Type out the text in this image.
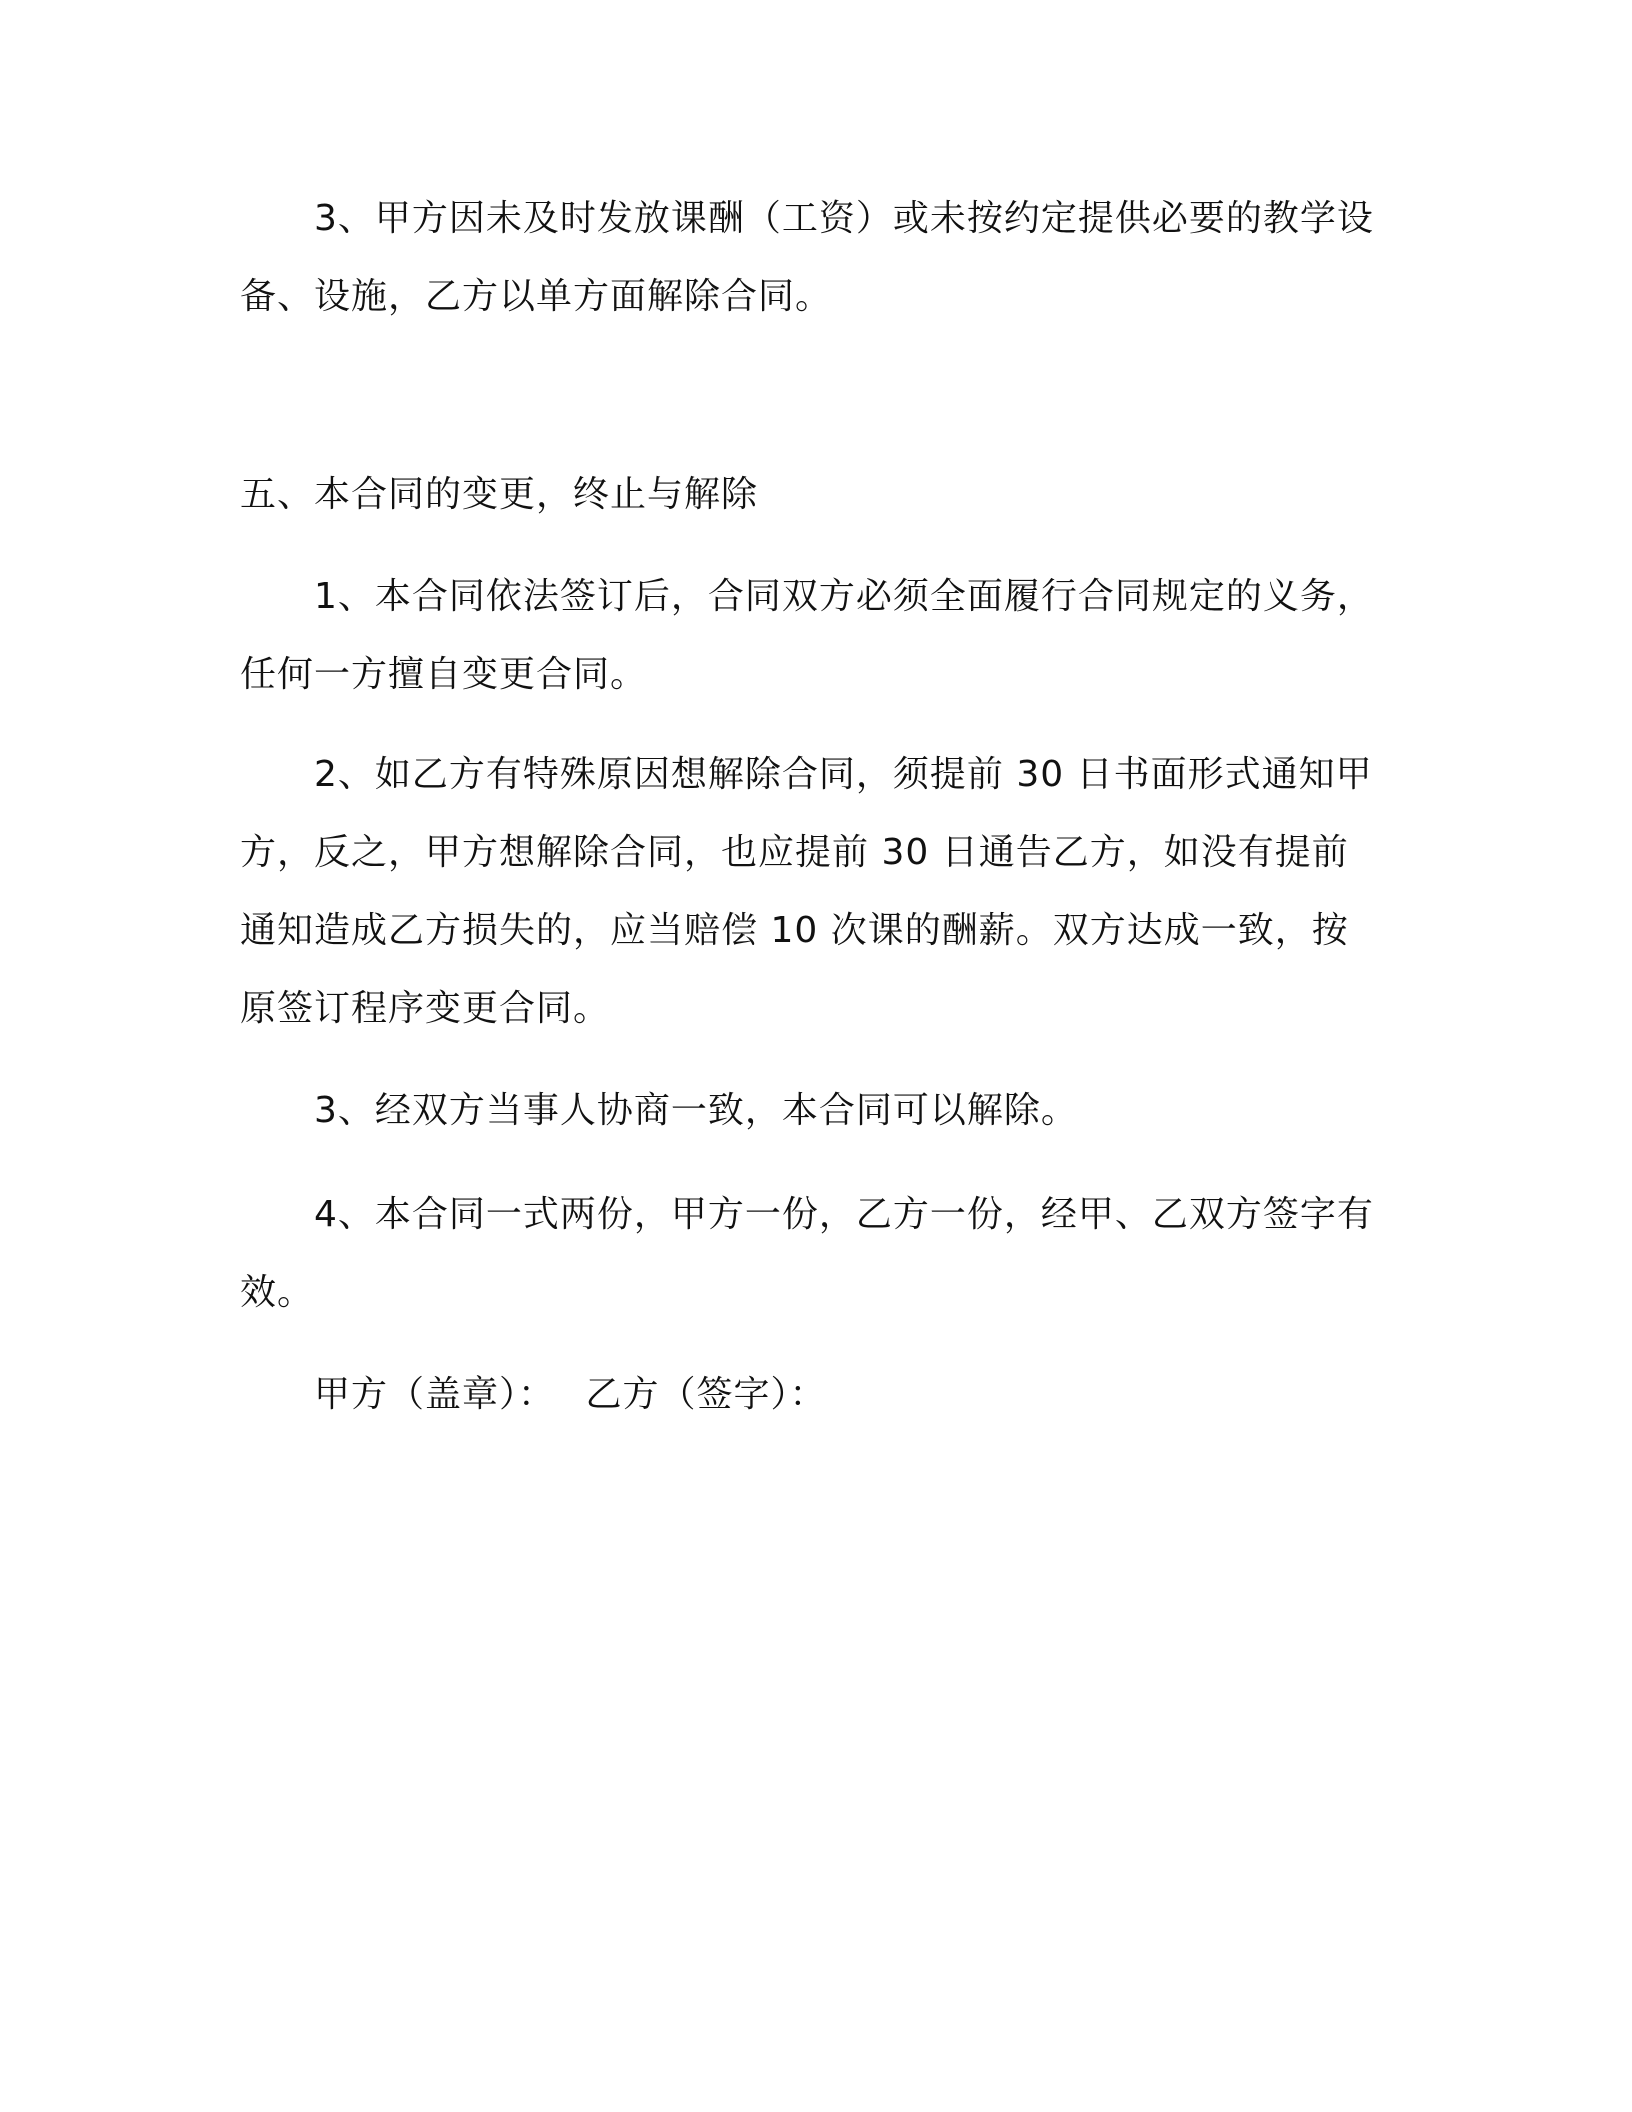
3、甲方因未及时发放课酬（工资）或未按约定提供必要的教学设备、设施，乙方以单方面解除合同。

五、本合同的变更，终止与解除

1、本合同依法签订后，合同双方必须全面履行合同规定的义务，任何一方擅自变更合同。

2、如乙方有特殊原因想解除合同，须提前 30 日书面形式通知甲方，反之，甲方想解除合同，也应提前 30 日通告乙方，如没有提前通知造成乙方损失的，应当赔偿 10 次课的酬薪。双方达成一致，按原签订程序变更合同。

3、经双方当事人协商一致，本合同可以解除。

4、本合同一式两份，甲方一份，乙方一份，经甲、乙双方签字有效。

甲方（盖章）： 乙方（签字）：
